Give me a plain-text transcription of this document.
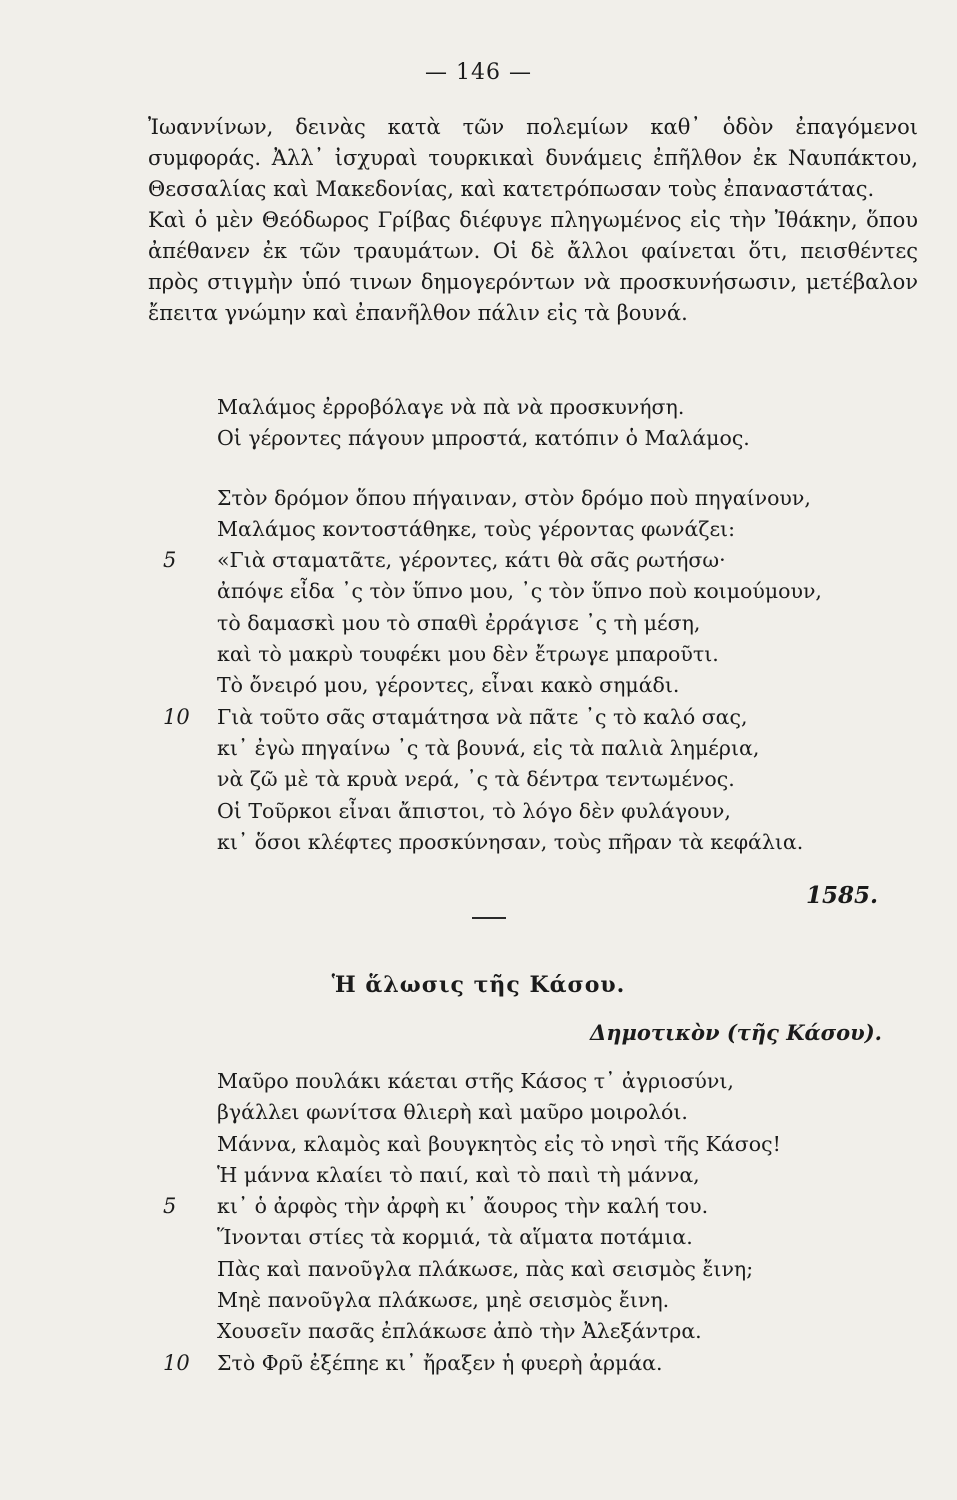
— 146 —

Ἰωαννίνων, δεινὰς κατὰ τῶν πολεμίων καθ᾽ ὁδὸν ἐπαγόμενοι συμφοράς. Ἀλλ᾽ ἰσχυραὶ τουρκικαὶ δυνάμεις ἐπῆλθον ἐκ Ναυπάκτου, Θεσσαλίας καὶ Μακεδονίας, καὶ κατετρόπωσαν τοὺς ἐπαναστάτας.

Καὶ ὁ μὲν Θεόδωρος Γρίβας διέφυγε πληγωμένος εἰς τὴν Ἰθάκην, ὅπου ἀπέθανεν ἐκ τῶν τραυμάτων. Οἱ δὲ ἄλλοι φαίνεται ὅτι, πεισθέντες πρὸς στιγμὴν ὑπό τινων δημογερόντων νὰ προσκυνήσωσιν, μετέβαλον ἔπειτα γνώμην καὶ ἐπανῆλθον πάλιν εἰς τὰ βουνά.

Μαλάμος ἐρροβόλαγε νὰ πὰ νὰ προσκυνήση.
Οἱ γέροντες πάγουν μπροστά, κατόπιν ὁ Μαλάμος.
Στὸν δρόμον ὅπου πήγαιναν, στὸν δρόμο ποὺ πηγαίνουν,
Μαλάμος κοντοστάθηκε, τοὺς γέροντας φωνάζει:
5 «Γιὰ σταματᾶτε, γέροντες, κάτι θὰ σᾶς ρωτήσω·
ἀπόψε εἶδα ᾽ς τὸν ὕπνο μου, ᾽ς τὸν ὕπνο ποὺ κοιμούμουν,
τὸ δαμασκὶ μου τὸ σπαθὶ ἐρράγισε ᾽ς τὴ μέση,
καὶ τὸ μακρὺ τουφέκι μου δὲν ἔτρωγε μπαροῦτι.
Τὸ ὄνειρό μου, γέροντες, εἶναι κακὸ σημάδι.
10 Γιὰ τοῦτο σᾶς σταμάτησα νὰ πᾶτε ᾽ς τὸ καλό σας,
κι᾽ ἐγὼ πηγαίνω ᾽ς τὰ βουνά, εἰς τὰ παλιὰ λημέρια,
νὰ ζῶ μὲ τὰ κρυὰ νερά, ᾽ς τὰ δέντρα τεντωμένος.
Οἱ Τοῦρκοι εἶναι ἄπιστοι, τὸ λόγο δὲν φυλάγουν,
κι᾽ ὅσοι κλέφτες προσκύνησαν, τοὺς πῆραν τὰ κεφάλια.
1585.
Ἡ ἅλωσις τῆς Κάσου.
Δημοτικὸν (τῆς Κάσου).
Μαῦρο πουλάκι κάεται στῆς Κάσος τ᾽ ἀγριοσύνι,
βγάλλει φωνίτσα θλιερὴ καὶ μαῦρο μοιρολόι.
Μάννα, κλαμὸς καὶ βουγκητὸς εἰς τὸ νησὶ τῆς Κάσος!
Ἡ μάννα κλαίει τὸ παιί, καὶ τὸ παιὶ τὴ μάννα,
5 κι᾽ ὁ ἀρφὸς τὴν ἀρφὴ κι᾽ ἄουρος τὴν καλή του.
Ἵνονται στίες τὰ κορμιά, τὰ αἵματα ποτάμια.
Πὰς καὶ πανοῦγλα πλάκωσε, πὰς καὶ σεισμὸς ἔινη;
Μηὲ πανοῦγλα πλάκωσε, μηὲ σεισμὸς ἔινη.
Χουσεῖν πασᾶς ἐπλάκωσε ἀπὸ τὴν Ἀλεξάντρα.
10 Στὸ Φρῦ ἐξέπηε κι᾽ ἤραξεν ἡ φυερὴ ἀρμάα.
